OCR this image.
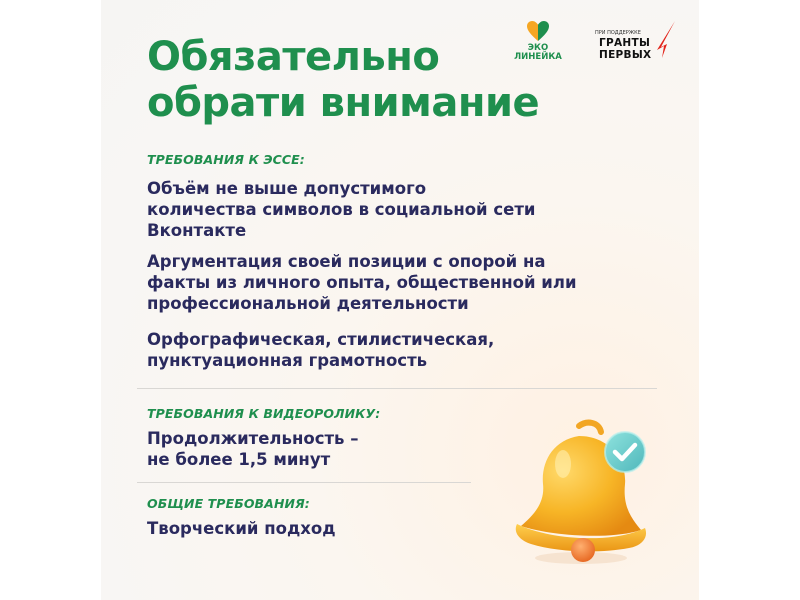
Обязательно
обрати внимание
ЭКО
ЛИНЕЙКА
ПРИ ПОДДЕРЖКЕ
ГРАНТЫ
ПЕРВЫХ

ТРЕБОВАНИЯ К ЭССЕ:

Объём не выше допустимого
количества символов в социальной сети
Вконтакте
Аргументация своей позиции с опорой на
факты из личного опыта, общественной или
профессиональной деятельности
Орфографическая, стилистическая,
пунктуационная грамотность

ТРЕБОВАНИЯ К ВИДЕОРОЛИКУ:

Продолжительность –
не более 1,5 минут

ОБЩИЕ ТРЕБОВАНИЯ:

Творческий подход
